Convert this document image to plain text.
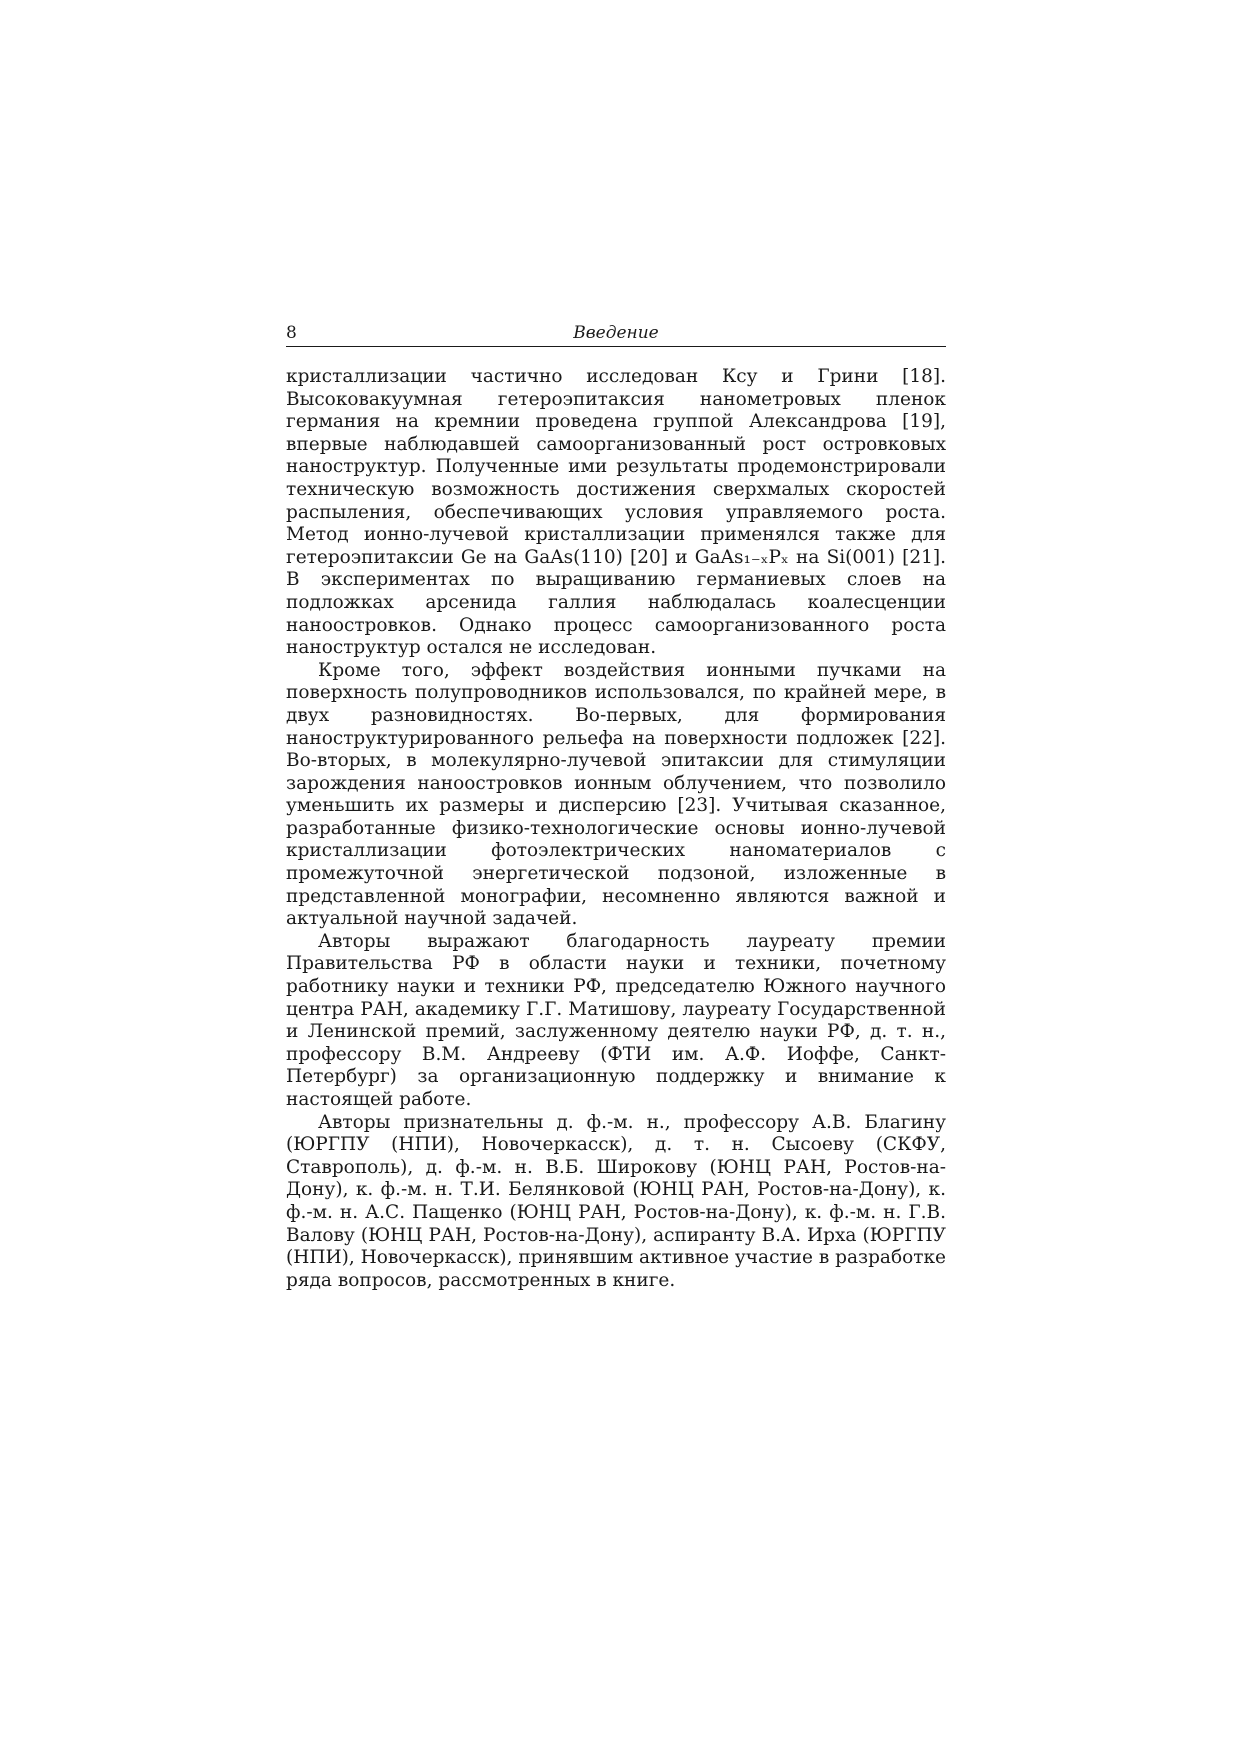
8	Введение

кристаллизации частично исследован Ксу и Грини [18]. Высоковакуумная гетероэпитаксия нанометровых пленок германия на кремнии проведена группой Александрова [19], впервые наблюдавшей самоорганизованный рост островковых наноструктур. Полученные ими результаты продемонстрировали техническую возможность достижения сверхмалых скоростей распыления, обеспечивающих условия управляемого роста. Метод ионно-лучевой кристаллизации применялся также для гетероэпитаксии Ge на GaAs(110) [20] и GaAs₁₋ₓPₓ на Si(001) [21]. В экспериментах по выращиванию германиевых слоев на подложках арсенида галлия наблюдалась коалесценции наноостровков. Однако процесс самоорганизованного роста наноструктур остался не исследован.

Кроме того, эффект воздействия ионными пучками на поверхность полупроводников использовался, по крайней мере, в двух разновидностях. Во-первых, для формирования наноструктурированного рельефа на поверхности подложек [22]. Во-вторых, в молекулярно-лучевой эпитаксии для стимуляции зарождения наноостровков ионным облучением, что позволило уменьшить их размеры и дисперсию [23]. Учитывая сказанное, разработанные физико-технологические основы ионно-лучевой кристаллизации фотоэлектрических наноматериалов с промежуточной энергетической подзоной, изложенные в представленной монографии, несомненно являются важной и актуальной научной задачей.

Авторы выражают благодарность лауреату премии Правительства РФ в области науки и техники, почетному работнику науки и техники РФ, председателю Южного научного центра РАН, академику Г.Г. Матишову, лауреату Государственной и Ленинской премий, заслуженному деятелю науки РФ, д. т. н., профессору В.М. Андрееву (ФТИ им. А.Ф. Иоффе, Санкт-Петербург) за организационную поддержку и внимание к настоящей работе.

Авторы признательны д. ф.-м. н., профессору А.В. Благину (ЮРГПУ (НПИ), Новочеркасск), д. т. н. Сысоеву (СКФУ, Ставрополь), д. ф.-м. н. В.Б. Широкову (ЮНЦ РАН, Ростов-на-Дону), к. ф.-м. н. Т.И. Белянковой (ЮНЦ РАН, Ростов-на-Дону), к. ф.-м. н. А.С. Пащенко (ЮНЦ РАН, Ростов-на-Дону), к. ф.-м. н. Г.В. Валову (ЮНЦ РАН, Ростов-на-Дону), аспиранту В.А. Ирха (ЮРГПУ (НПИ), Новочеркасск), принявшим активное участие в разработке ряда вопросов, рассмотренных в книге.
